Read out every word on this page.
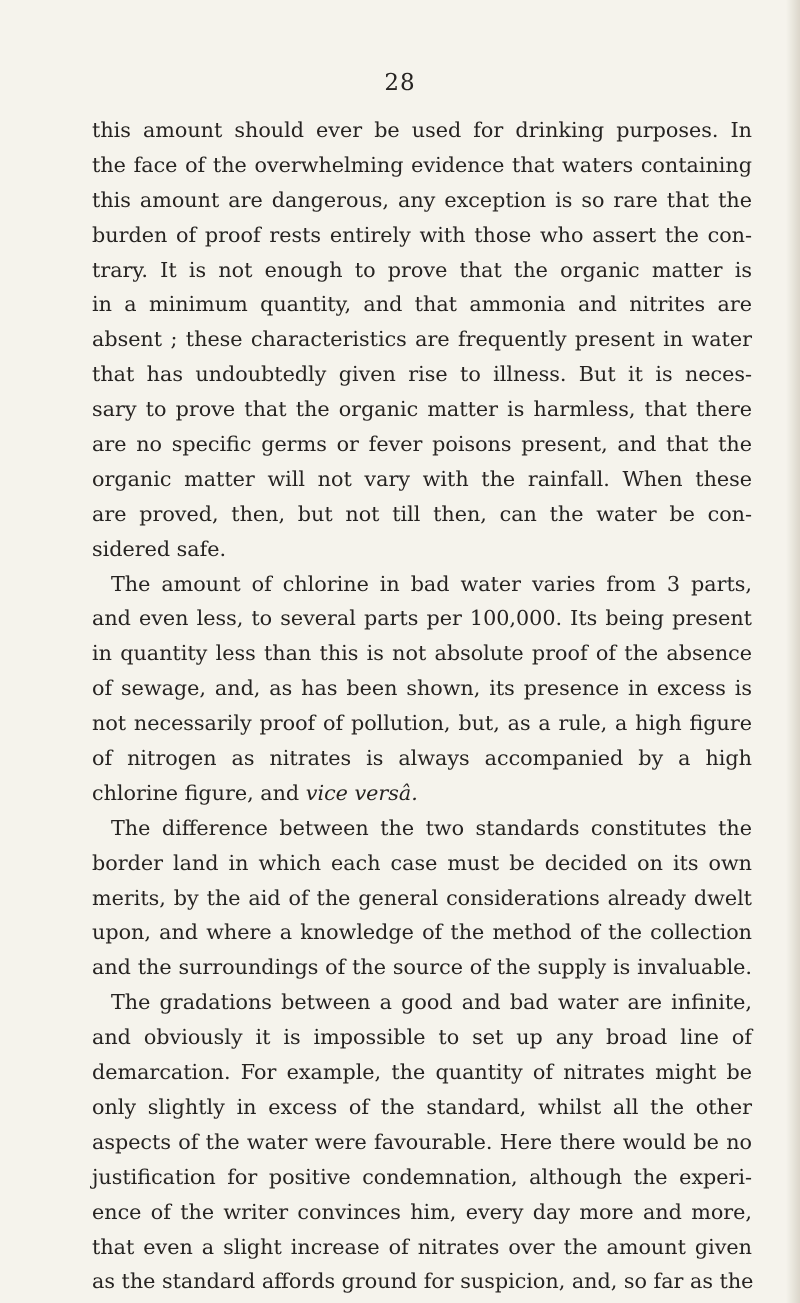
28
this amount should ever be used for drinking purposes. In
the face of the overwhelming evidence that waters containing
this amount are dangerous, any exception is so rare that the
burden of proof rests entirely with those who assert the con-
trary. It is not enough to prove that the organic matter is
in a minimum quantity, and that ammonia and nitrites are
absent ; these characteristics are frequently present in water
that has undoubtedly given rise to illness. But it is neces-
sary to prove that the organic matter is harmless, that there
are no specific germs or fever poisons present, and that the
organic matter will not vary with the rainfall. When these
are proved, then, but not till then, can the water be con-
sidered safe.
The amount of chlorine in bad water varies from 3 parts,
and even less, to several parts per 100,000. Its being present
in quantity less than this is not absolute proof of the absence
of sewage, and, as has been shown, its presence in excess is
not necessarily proof of pollution, but, as a rule, a high figure
of nitrogen as nitrates is always accompanied by a high
chlorine figure, and vice versâ.
The difference between the two standards constitutes the
border land in which each case must be decided on its own
merits, by the aid of the general considerations already dwelt
upon, and where a knowledge of the method of the collection
and the surroundings of the source of the supply is invaluable.
The gradations between a good and bad water are infinite,
and obviously it is impossible to set up any broad line of
demarcation. For example, the quantity of nitrates might be
only slightly in excess of the standard, whilst all the other
aspects of the water were favourable. Here there would be no
justification for positive condemnation, although the experi-
ence of the writer convinces him, every day more and more,
that even a slight increase of nitrates over the amount given
as the standard affords ground for suspicion, and, so far as the
